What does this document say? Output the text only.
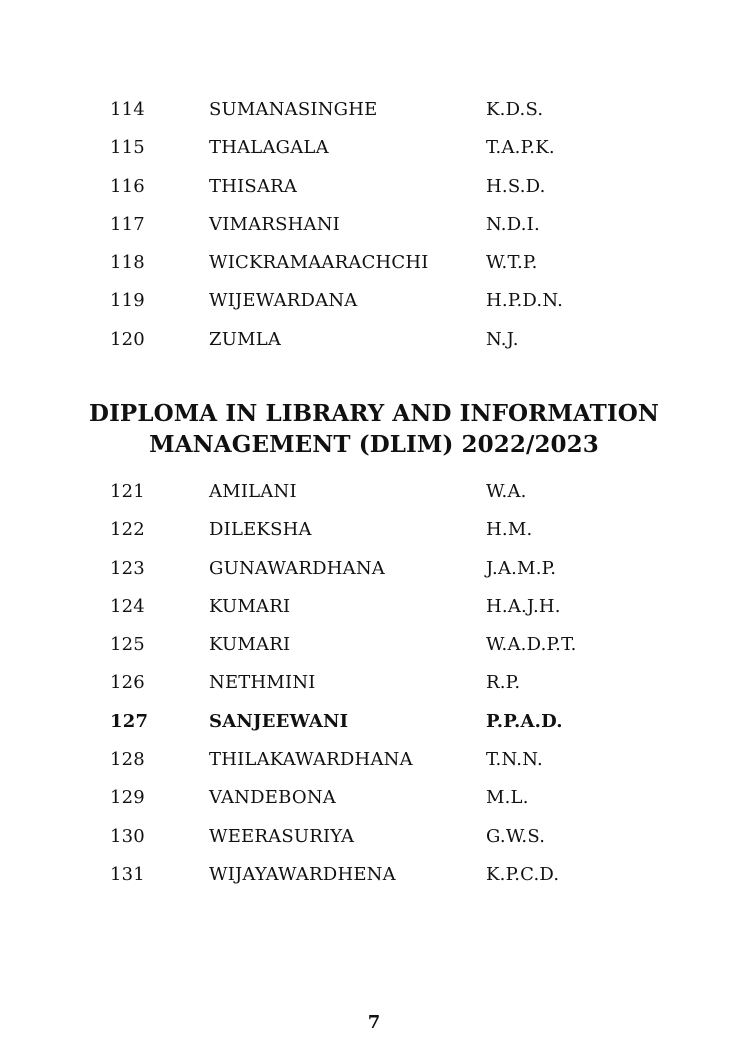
114	SUMANASINGHE	K.D.S.
115	THALAGALA	T.A.P.K.
116	THISARA	H.S.D.
117	VIMARSHANI	N.D.I.
118	WICKRAMAARACHCHI	W.T.P.
119	WIJEWARDANA	H.P.D.N.
120	ZUMLA	N.J.
DIPLOMA IN LIBRARY AND INFORMATION
MANAGEMENT (DLIM) 2022/2023
121	AMILANI	W.A.
122	DILEKSHA	H.M.
123	GUNAWARDHANA	J.A.M.P.
124	KUMARI	H.A.J.H.
125	KUMARI	W.A.D.P.T.
126	NETHMINI	R.P.
127	SANJEEWANI	P.P.A.D.
128	THILAKAWARDHANA	T.N.N.
129	VANDEBONA	M.L.
130	WEERASURIYA	G.W.S.
131	WIJAYAWARDHENA	K.P.C.D.
7
